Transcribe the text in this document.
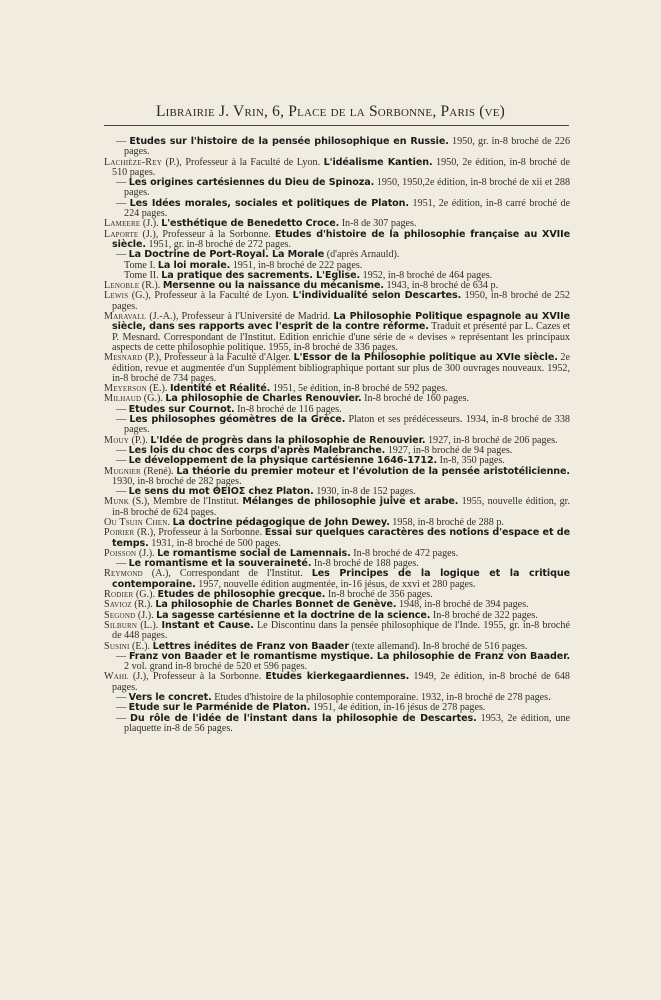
Librairie J. Vrin, 6, Place de la Sorbonne, Paris (ve)
— Etudes sur l'histoire de la pensée philosophique en Russie. 1950, gr. in-8 broché de 226 pages.
Lachièze-Rey (P.), Professeur à la Faculté de Lyon. L'idéalisme Kantien. 1950, 2e édition, in-8 broché de 510 pages.
— Les origines cartésiennes du Dieu de Spinoza. 1950, 1950,2e édition, in-8 broché de xii et 288 pages.
— Les Idées morales, sociales et politiques de Platon. 1951, 2e édition, in-8 carré broché de 224 pages.
Lameere (J.). L'esthétique de Benedetto Croce. In-8 de 307 pages.
Laporte (J.), Professeur à la Sorbonne. Etudes d'histoire de la philosophie française au XVIIe siècle. 1951, gr. in-8 broché de 272 pages.
— La Doctrine de Port-Royal. La Morale (d'après Arnauld).
Tome I. La loi morale. 1951, in-8 broché de 222 pages.
Tome II. La pratique des sacrements. L'Eglise. 1952, in-8 broché de 464 pages.
Lenoble (R.). Mersenne ou la naissance du mécanisme. 1943, in-8 broché de 634 p.
Lewis (G.), Professeur à la Faculté de Lyon. L'individualité selon Descartes. 1950, in-8 broché de 252 pages.
Maravall (J.-A.), Professeur à l'Université de Madrid. La Philosophie Politique espagnole au XVIIe siècle, dans ses rapports avec l'esprit de la contre réforme. Traduit et présenté par L. Cazes et P. Mesnard. Correspondant de l'Institut. Edition enrichie d'une série de « devises » représentant les principaux aspects de cette philosophie politique. 1955, in-8 broché de 336 pages.
Mesnard (P.), Professeur à la Faculté d'Alger. L'Essor de la Philosophie politique au XVIe siècle. 2e édition, revue et augmentée d'un Supplément bibliographique portant sur plus de 300 ouvrages nouveaux. 1952, in-8 broché de 734 pages.
Meyerson (E.). Identité et Réalité. 1951, 5e édition, in-8 broché de 592 pages.
Milhaud (G.). La philosophie de Charles Renouvier. In-8 broché de 160 pages.
— Etudes sur Cournot. In-8 broché de 116 pages.
— Les philosophes géomètres de la Grèce. Platon et ses prédécesseurs. 1934, in-8 broché de 338 pages.
Mouy (P.). L'Idée de progrès dans la philosophie de Renouvier. 1927, in-8 broché de 206 pages.
— Les lois du choc des corps d'après Malebranche. 1927, in-8 broché de 94 pages.
— Le développement de la physique cartésienne 1646-1712. In-8, 350 pages.
Mugnier (René). La théorie du premier moteur et l'évolution de la pensée aristotélicienne. 1930, in-8 broché de 282 pages.
— Le sens du mot ΘΕΙΟΣ chez Platon. 1930, in-8 de 152 pages.
Munk (S.), Membre de l'Institut. Mélanges de philosophie juive et arabe. 1955, nouvelle édition, gr. in-8 broché de 624 pages.
Ou Tsuin Chen. La doctrine pédagogique de John Dewey. 1958, in-8 broché de 288 p.
Poirier (R.), Professeur à la Sorbonne. Essai sur quelques caractères des notions d'espace et de temps. 1931, in-8 broché de 500 pages.
Poisson (J.). Le romantisme social de Lamennais. In-8 broché de 472 pages.
— Le romantisme et la souveraineté. In-8 broché de 188 pages.
Reymond (A.), Correspondant de l'Institut. Les Principes de la logique et la critique contemporaine. 1957, nouvelle édition augmentée, in-16 jésus, de xxvi et 280 pages.
Rodier (G.). Etudes de philosophie grecque. In-8 broché de 356 pages.
Savioz (R.). La philosophie de Charles Bonnet de Genève. 1948, in-8 broché de 394 pages.
Segond (J.). La sagesse cartésienne et la doctrine de la science. In-8 broché de 322 pages.
Silburn (L.). Instant et Cause. Le Discontinu dans la pensée philosophique de l'Inde. 1955, gr. in-8 broché de 448 pages.
Susini (E.). Lettres inédites de Franz von Baader (texte allemand). In-8 broché de 516 pages.
— Franz von Baader et le romantisme mystique. La philosophie de Franz von Baader. 2 vol. grand in-8 broché de 520 et 596 pages.
Wahl (J.), Professeur à la Sorbonne. Etudes kierkegaardiennes. 1949, 2e édition, in-8 broché de 648 pages.
— Vers le concret. Etudes d'histoire de la philosophie contemporaine. 1932, in-8 broché de 278 pages.
— Etude sur le Parménide de Platon. 1951, 4e édition, in-16 jésus de 278 pages.
— Du rôle de l'idée de l'instant dans la philosophie de Descartes. 1953, 2e édition, une plaquette in-8 de 56 pages.
